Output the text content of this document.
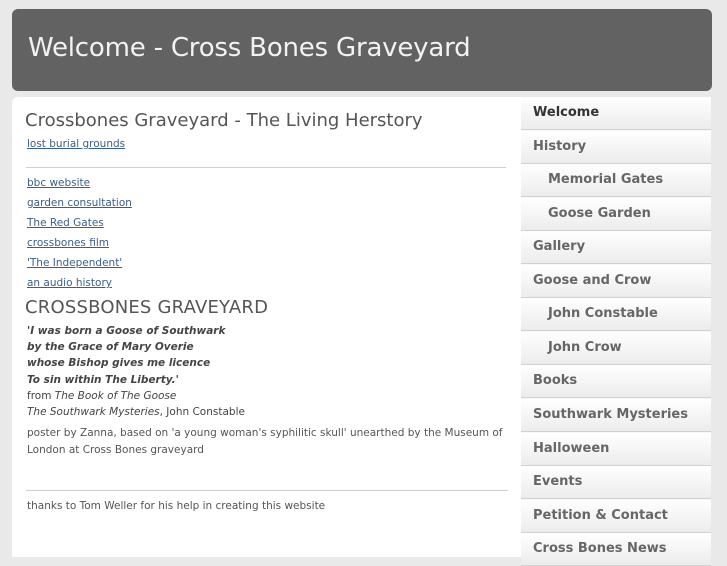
Welcome - Cross Bones Graveyard
Crossbones Graveyard - The Living Herstory
lost burial grounds
bbc website
garden consultation
The Red Gates
crossbones film
'The Independent'
an audio history
CROSSBONES GRAVEYARD
'I was born a Goose of Southwark
by the Grace of Mary Overie
whose Bishop gives me licence
To sin within The Liberty.'
from The Book of The Goose
The Southwark Mysteries, John Constable
poster by Zanna, based on 'a young woman's syphilitic skull' unearthed by the Museum of London at Cross Bones graveyard
thanks to Tom Weller for his help in creating this website
Welcome
History
Memorial Gates
Goose Garden
Gallery
Goose and Crow
John Constable
John Crow
Books
Southwark Mysteries
Halloween
Events
Petition & Contact
Cross Bones News
